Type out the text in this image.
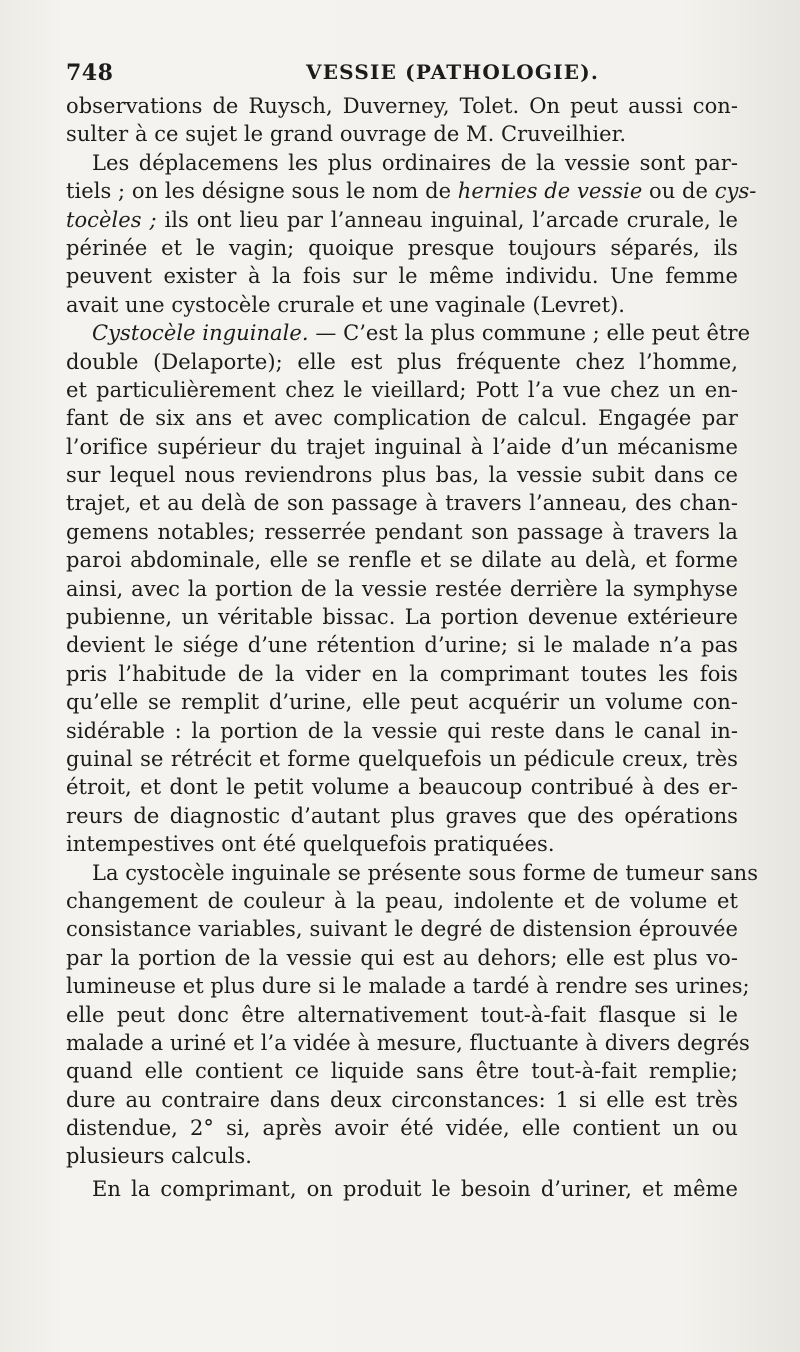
748	VESSIE (PATHOLOGIE).
observations de Ruysch, Duverney, Tolet. On peut aussi con-
sulter à ce sujet le grand ouvrage de M. Cruveilhier.
Les déplacemens les plus ordinaires de la vessie sont par-
tiels ; on les désigne sous le nom de hernies de vessie ou de cys-
tocèles ; ils ont lieu par l’anneau inguinal, l’arcade crurale, le
périnée et le vagin; quoique presque toujours séparés, ils
peuvent exister à la fois sur le même individu. Une femme
avait une cystocèle crurale et une vaginale (Levret).
Cystocèle inguinale. — C’est la plus commune ; elle peut être
double (Delaporte); elle est plus fréquente chez l’homme,
et particulièrement chez le vieillard; Pott l’a vue chez un en-
fant de six ans et avec complication de calcul. Engagée par
l’orifice supérieur du trajet inguinal à l’aide d’un mécanisme
sur lequel nous reviendrons plus bas, la vessie subit dans ce
trajet, et au delà de son passage à travers l’anneau, des chan-
gemens notables; resserrée pendant son passage à travers la
paroi abdominale, elle se renfle et se dilate au delà, et forme
ainsi, avec la portion de la vessie restée derrière la symphyse
pubienne, un véritable bissac. La portion devenue extérieure
devient le siége d’une rétention d’urine; si le malade n’a pas
pris l’habitude de la vider en la comprimant toutes les fois
qu’elle se remplit d’urine, elle peut acquérir un volume con-
sidérable : la portion de la vessie qui reste dans le canal in-
guinal se rétrécit et forme quelquefois un pédicule creux, très
étroit, et dont le petit volume a beaucoup contribué à des er-
reurs de diagnostic d’autant plus graves que des opérations
intempestives ont été quelquefois pratiquées.
La cystocèle inguinale se présente sous forme de tumeur sans
changement de couleur à la peau, indolente et de volume et
consistance variables, suivant le degré de distension éprouvée
par la portion de la vessie qui est au dehors; elle est plus vo-
lumineuse et plus dure si le malade a tardé à rendre ses urines;
elle peut donc être alternativement tout-à-fait flasque si le
malade a uriné et l’a vidée à mesure, fluctuante à divers degrés
quand elle contient ce liquide sans être tout-à-fait remplie;
dure au contraire dans deux circonstances: 1 si elle est très
distendue, 2° si, après avoir été vidée, elle contient un ou
plusieurs calculs.
En la comprimant, on produit le besoin d’uriner, et même
